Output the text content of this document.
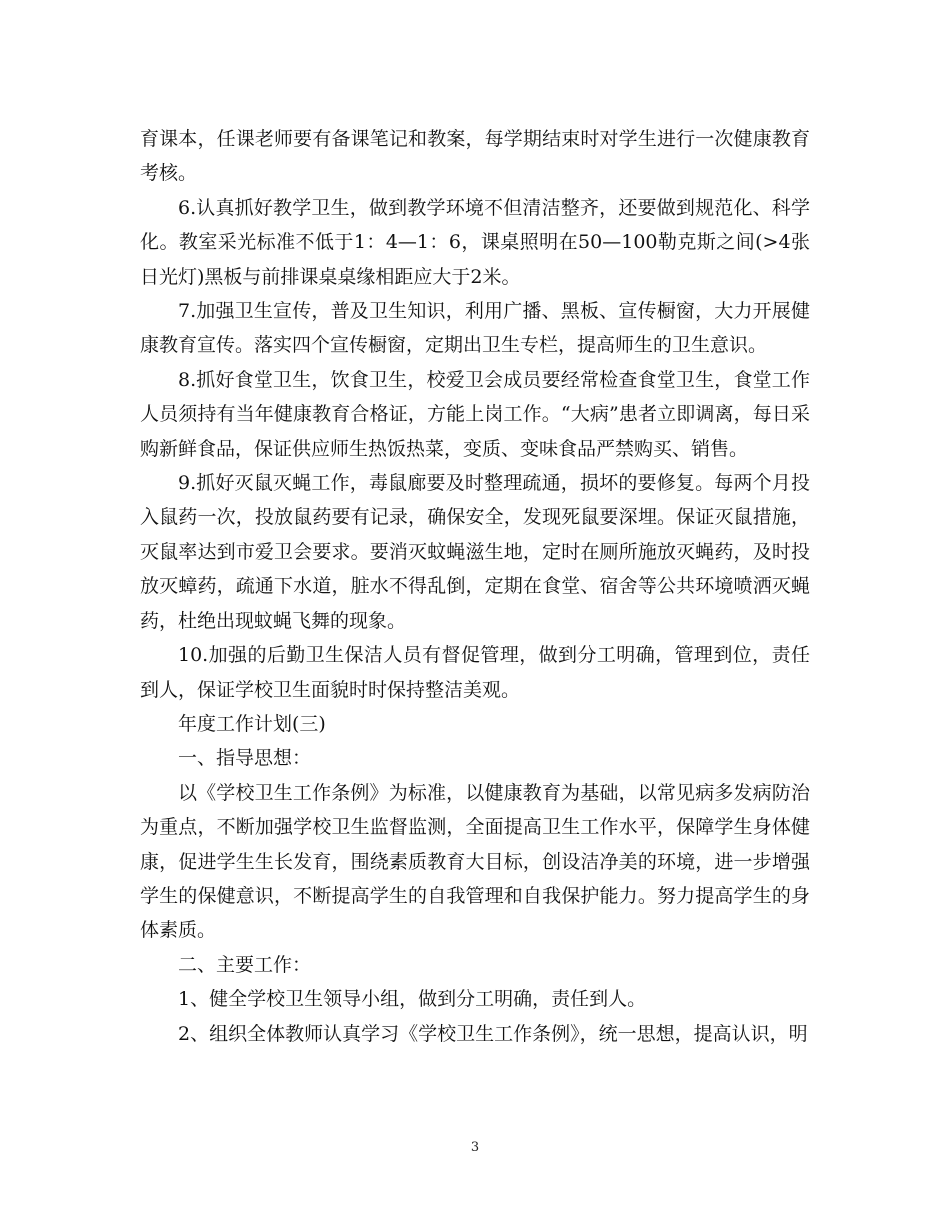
育课本，任课老师要有备课笔记和教案，每学期结束时对学生进行一次健康教育考核。

6.认真抓好教学卫生，做到教学环境不但清洁整齐，还要做到规范化、科学化。教室采光标准不低于1：4—1：6，课桌照明在50—100勒克斯之间(>4张日光灯)黑板与前排课桌桌缘相距应大于2米。

7.加强卫生宣传，普及卫生知识，利用广播、黑板、宣传橱窗，大力开展健康教育宣传。落实四个宣传橱窗，定期出卫生专栏，提高师生的卫生意识。

8.抓好食堂卫生，饮食卫生，校爱卫会成员要经常检查食堂卫生，食堂工作人员须持有当年健康教育合格证，方能上岗工作。“大病”患者立即调离，每日采购新鲜食品，保证供应师生热饭热菜，变质、变味食品严禁购买、销售。

9.抓好灭鼠灭蝇工作，毒鼠廊要及时整理疏通，损坏的要修复。每两个月投入鼠药一次，投放鼠药要有记录，确保安全，发现死鼠要深埋。保证灭鼠措施，灭鼠率达到市爱卫会要求。要消灭蚊蝇滋生地，定时在厕所施放灭蝇药，及时投放灭蟑药，疏通下水道，脏水不得乱倒，定期在食堂、宿舍等公共环境喷洒灭蝇药，杜绝出现蚊蝇飞舞的现象。

10.加强的后勤卫生保洁人员有督促管理，做到分工明确，管理到位，责任到人，保证学校卫生面貌时时保持整洁美观。

年度工作计划(三)

一、指导思想：

以《学校卫生工作条例》为标准，以健康教育为基础，以常见病多发病防治为重点，不断加强学校卫生监督监测，全面提高卫生工作水平，保障学生身体健康，促进学生生长发育，围绕素质教育大目标，创设洁净美的环境，进一步增强学生的保健意识，不断提高学生的自我管理和自我保护能力。努力提高学生的身体素质。

二、主要工作：

1、健全学校卫生领导小组，做到分工明确，责任到人。

2、组织全体教师认真学习《学校卫生工作条例》，统一思想，提高认识，明

3
